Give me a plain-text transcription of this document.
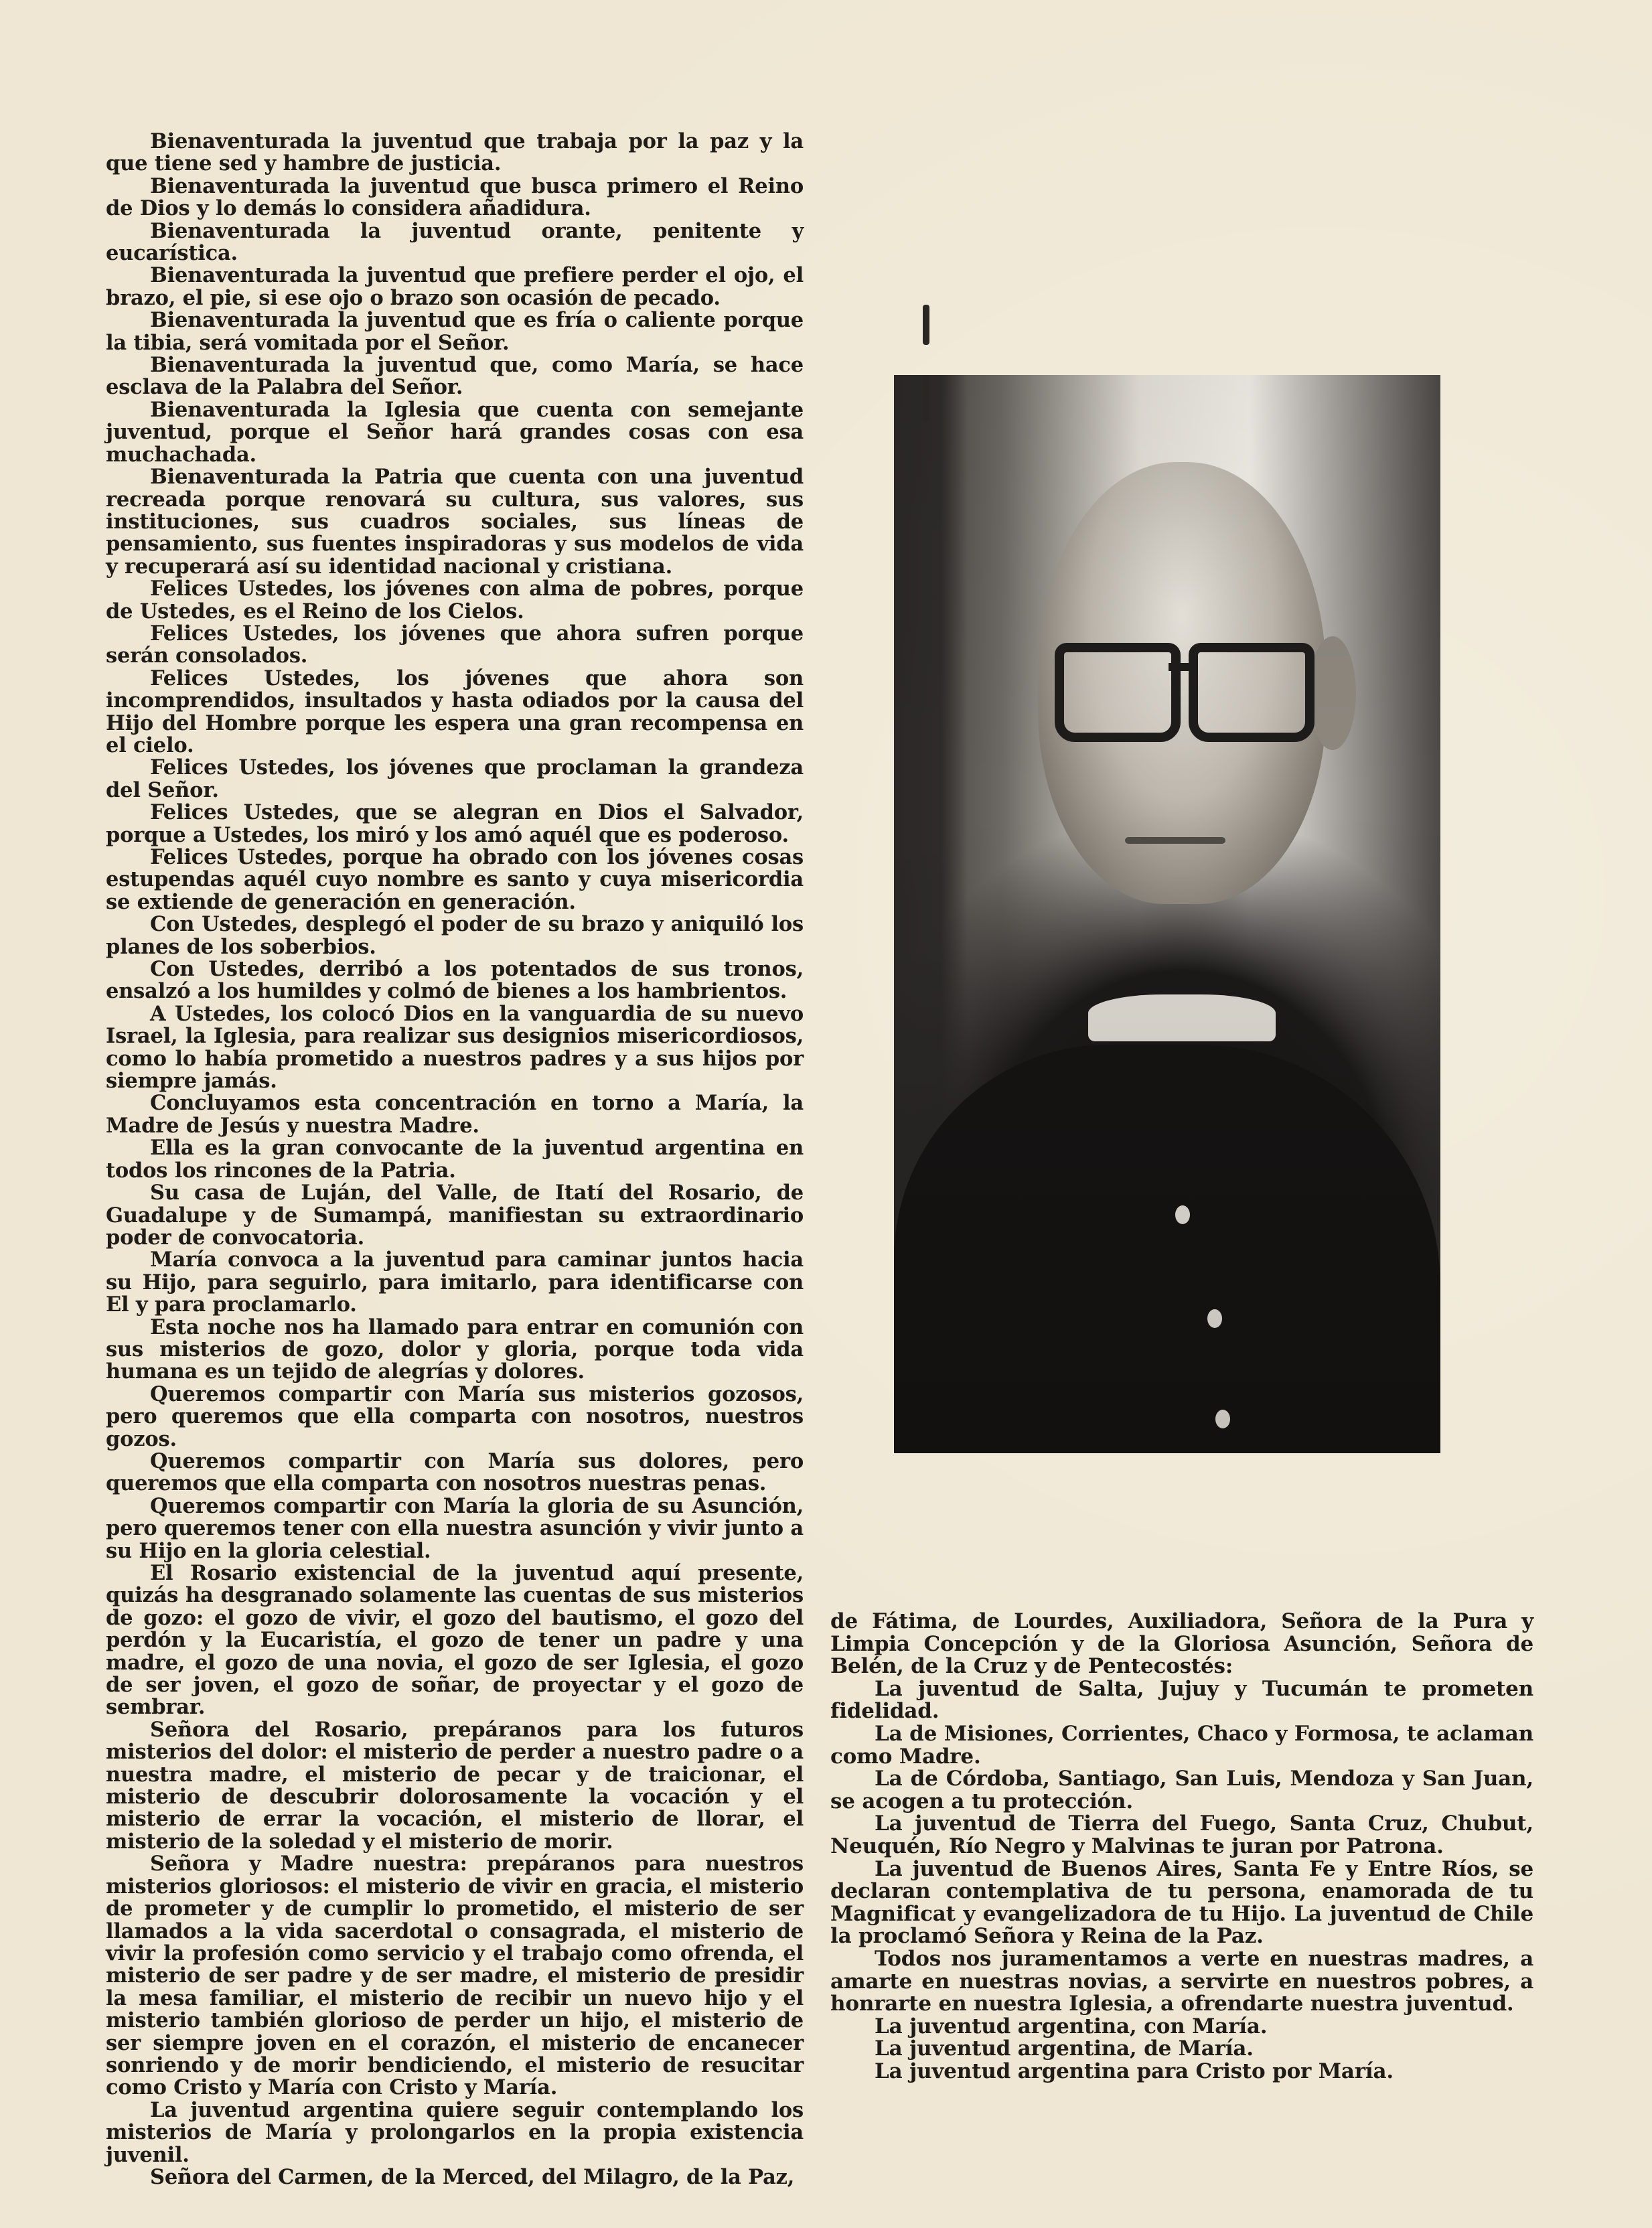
Bienaventurada la juventud que trabaja por la paz y la que tiene sed y hambre de justicia.

Bienaventurada la juventud que busca primero el Reino de Dios y lo demás lo considera añadidura.

Bienaventurada la juventud orante, penitente y eucarística.

Bienaventurada la juventud que prefiere perder el ojo, el brazo, el pie, si ese ojo o brazo son ocasión de pecado.

Bienaventurada la juventud que es fría o caliente porque la tibia, será vomitada por el Señor.

Bienaventurada la juventud que, como María, se hace esclava de la Palabra del Señor.

Bienaventurada la Iglesia que cuenta con semejante juventud, porque el Señor hará grandes cosas con esa muchachada.

Bienaventurada la Patria que cuenta con una juventud recreada porque renovará su cultura, sus valores, sus instituciones, sus cuadros sociales, sus líneas de pensamiento, sus fuentes inspiradoras y sus modelos de vida y recuperará así su identidad nacional y cristiana.

Felices Ustedes, los jóvenes con alma de pobres, porque de Ustedes, es el Reino de los Cielos.

Felices Ustedes, los jóvenes que ahora sufren porque serán consolados.

Felices Ustedes, los jóvenes que ahora son incomprendidos, insultados y hasta odiados por la causa del Hijo del Hombre porque les espera una gran recompensa en el cielo.

Felices Ustedes, los jóvenes que proclaman la grandeza del Señor.

Felices Ustedes, que se alegran en Dios el Salvador, porque a Ustedes, los miró y los amó aquél que es poderoso.

Felices Ustedes, porque ha obrado con los jóvenes cosas estupendas aquél cuyo nombre es santo y cuya misericordia se extiende de generación en generación.

Con Ustedes, desplegó el poder de su brazo y aniquiló los planes de los soberbios.

Con Ustedes, derribó a los potentados de sus tronos, ensalzó a los humildes y colmó de bienes a los hambrientos.

A Ustedes, los colocó Dios en la vanguardia de su nuevo Israel, la Iglesia, para realizar sus designios misericordiosos, como lo había prometido a nuestros padres y a sus hijos por siempre jamás.

Concluyamos esta concentración en torno a María, la Madre de Jesús y nuestra Madre.

Ella es la gran convocante de la juventud argentina en todos los rincones de la Patria.

Su casa de Luján, del Valle, de Itatí del Rosario, de Guadalupe y de Sumampá, manifiestan su extraordinario poder de convocatoria.

María convoca a la juventud para caminar juntos hacia su Hijo, para seguirlo, para imitarlo, para identificarse con El y para proclamarlo.

Esta noche nos ha llamado para entrar en comunión con sus misterios de gozo, dolor y gloria, porque toda vida humana es un tejido de alegrías y dolores.

Queremos compartir con María sus misterios gozosos, pero queremos que ella comparta con nosotros, nuestros gozos.

Queremos compartir con María sus dolores, pero queremos que ella comparta con nosotros nuestras penas.

Queremos compartir con María la gloria de su Asunción, pero queremos tener con ella nuestra asunción y vivir junto a su Hijo en la gloria celestial.

El Rosario existencial de la juventud aquí presente, quizás ha desgranado solamente las cuentas de sus misterios de gozo: el gozo de vivir, el gozo del bautismo, el gozo del perdón y la Eucaristía, el gozo de tener un padre y una madre, el gozo de una novia, el gozo de ser Iglesia, el gozo de ser joven, el gozo de soñar, de proyectar y el gozo de sembrar.

Señora del Rosario, prepáranos para los futuros misterios del dolor: el misterio de perder a nuestro padre o a nuestra madre, el misterio de pecar y de traicionar, el misterio de descubrir dolorosamente la vocación y el misterio de errar la vocación, el misterio de llorar, el misterio de la soledad y el misterio de morir.

Señora y Madre nuestra: prepáranos para nuestros misterios gloriosos: el misterio de vivir en gracia, el misterio de prometer y de cumplir lo prometido, el misterio de ser llamados a la vida sacerdotal o consagrada, el misterio de vivir la profesión como servicio y el trabajo como ofrenda, el misterio de ser padre y de ser madre, el misterio de presidir la mesa familiar, el misterio de recibir un nuevo hijo y el misterio también glorioso de perder un hijo, el misterio de ser siempre joven en el corazón, el misterio de encanecer sonriendo y de morir bendiciendo, el misterio de resucitar como Cristo y María con Cristo y María.

La juventud argentina quiere seguir contemplando los misterios de María y prolongarlos en la propia existencia juvenil.

Señora del Carmen, de la Merced, del Milagro, de la Paz,

de Fátima, de Lourdes, Auxiliadora, Señora de la Pura y Limpia Concepción y de la Gloriosa Asunción, Señora de Belén, de la Cruz y de Pentecostés:

La juventud de Salta, Jujuy y Tucumán te prometen fidelidad.

La de Misiones, Corrientes, Chaco y Formosa, te aclaman como Madre.

La de Córdoba, Santiago, San Luis, Mendoza y San Juan, se acogen a tu protección.

La juventud de Tierra del Fuego, Santa Cruz, Chubut, Neuquén, Río Negro y Malvinas te juran por Patrona.

La juventud de Buenos Aires, Santa Fe y Entre Ríos, se declaran contemplativa de tu persona, enamorada de tu Magnificat y evangelizadora de tu Hijo. La juventud de Chile la proclamó Señora y Reina de la Paz.

Todos nos juramentamos a verte en nuestras madres, a amarte en nuestras novias, a servirte en nuestros pobres, a honrarte en nuestra Iglesia, a ofrendarte nuestra juventud.

La juventud argentina, con María.

La juventud argentina, de María.

La juventud argentina para Cristo por María.
